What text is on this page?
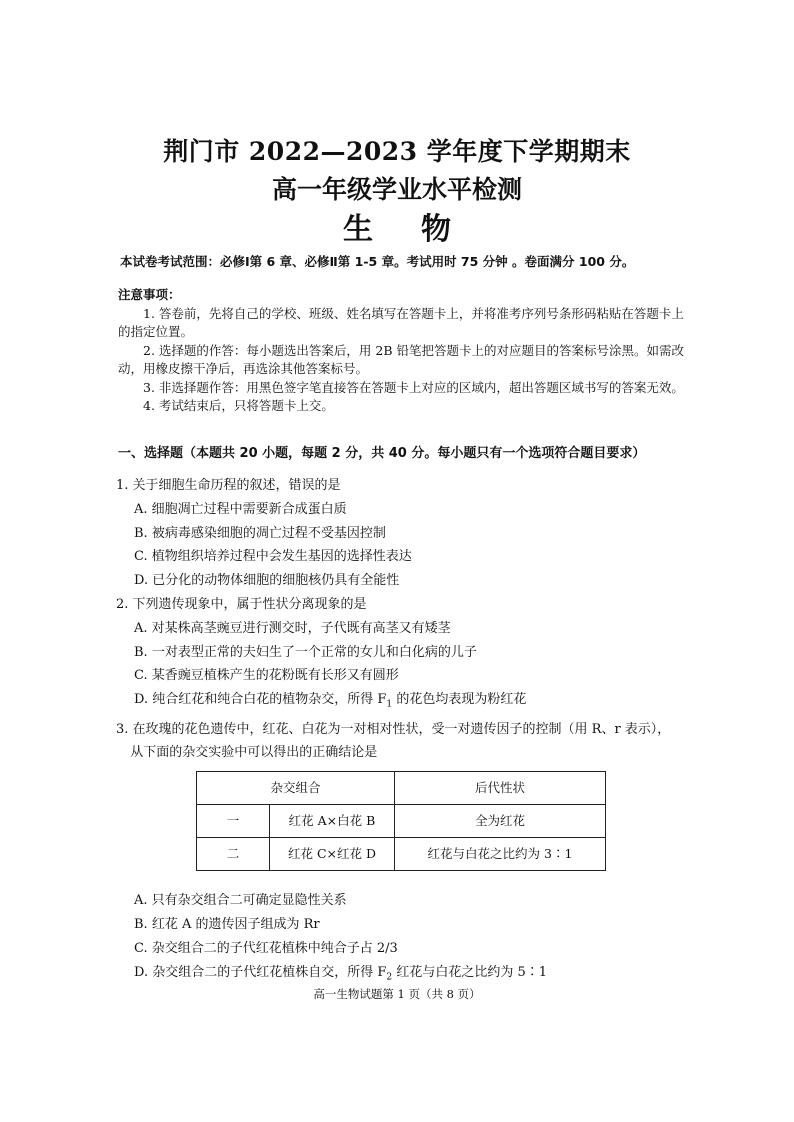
荆门市 2022—2023 学年度下学期期末
高一年级学业水平检测
生物
本试卷考试范围：必修Ⅰ第 6 章、必修Ⅱ第 1-5 章。考试用时 75 分钟 。卷面满分 100 分。
注意事项：

1. 答卷前，先将自己的学校、班级、姓名填写在答题卡上，并将准考序列号条形码粘贴在答题卡上的指定位置。

2. 选择题的作答：每小题选出答案后，用 2B 铅笔把答题卡上的对应题目的答案标号涂黑。如需改动，用橡皮擦干净后，再选涂其他答案标号。

3. 非选择题作答：用黑色签字笔直接答在答题卡上对应的区域内，超出答题区域书写的答案无效。

4. 考试结束后，只将答题卡上交。

一、选择题（本题共 20 小题，每题 2 分，共 40 分。每小题只有一个选项符合题目要求）
1. 关于细胞生命历程的叙述，错误的是
A. 细胞凋亡过程中需要新合成蛋白质
B. 被病毒感染细胞的凋亡过程不受基因控制
C. 植物组织培养过程中会发生基因的选择性表达
D. 已分化的动物体细胞的细胞核仍具有全能性
2. 下列遗传现象中，属于性状分离现象的是
A. 对某株高茎豌豆进行测交时，子代既有高茎又有矮茎
B. 一对表型正常的夫妇生了一个正常的女儿和白化病的儿子
C. 某香豌豆植株产生的花粉既有长形又有圆形
D. 纯合红花和纯合白花的植物杂交，所得 $F_1$ 的花色均表现为粉红花
3. 在玫瑰的花色遗传中，红花、白花为一对相对性状，受一对遗传因子的控制（用 R、r 表示），从下面的杂交实验中可以得出的正确结论是
杂交组合		后代性状
一	红花 A×白花 B	全为红花
二	红花 C×红花 D	红花与白花之比约为 3∶1
A. 只有杂交组合二可确定显隐性关系
B. 红花 A 的遗传因子组成为 Rr
C. 杂交组合二的子代红花植株中纯合子占 2/3
D. 杂交组合二的子代红花植株自交，所得 $F_2$ 红花与白花之比约为 5∶1
高一生物试题第 1 页（共 8 页）
